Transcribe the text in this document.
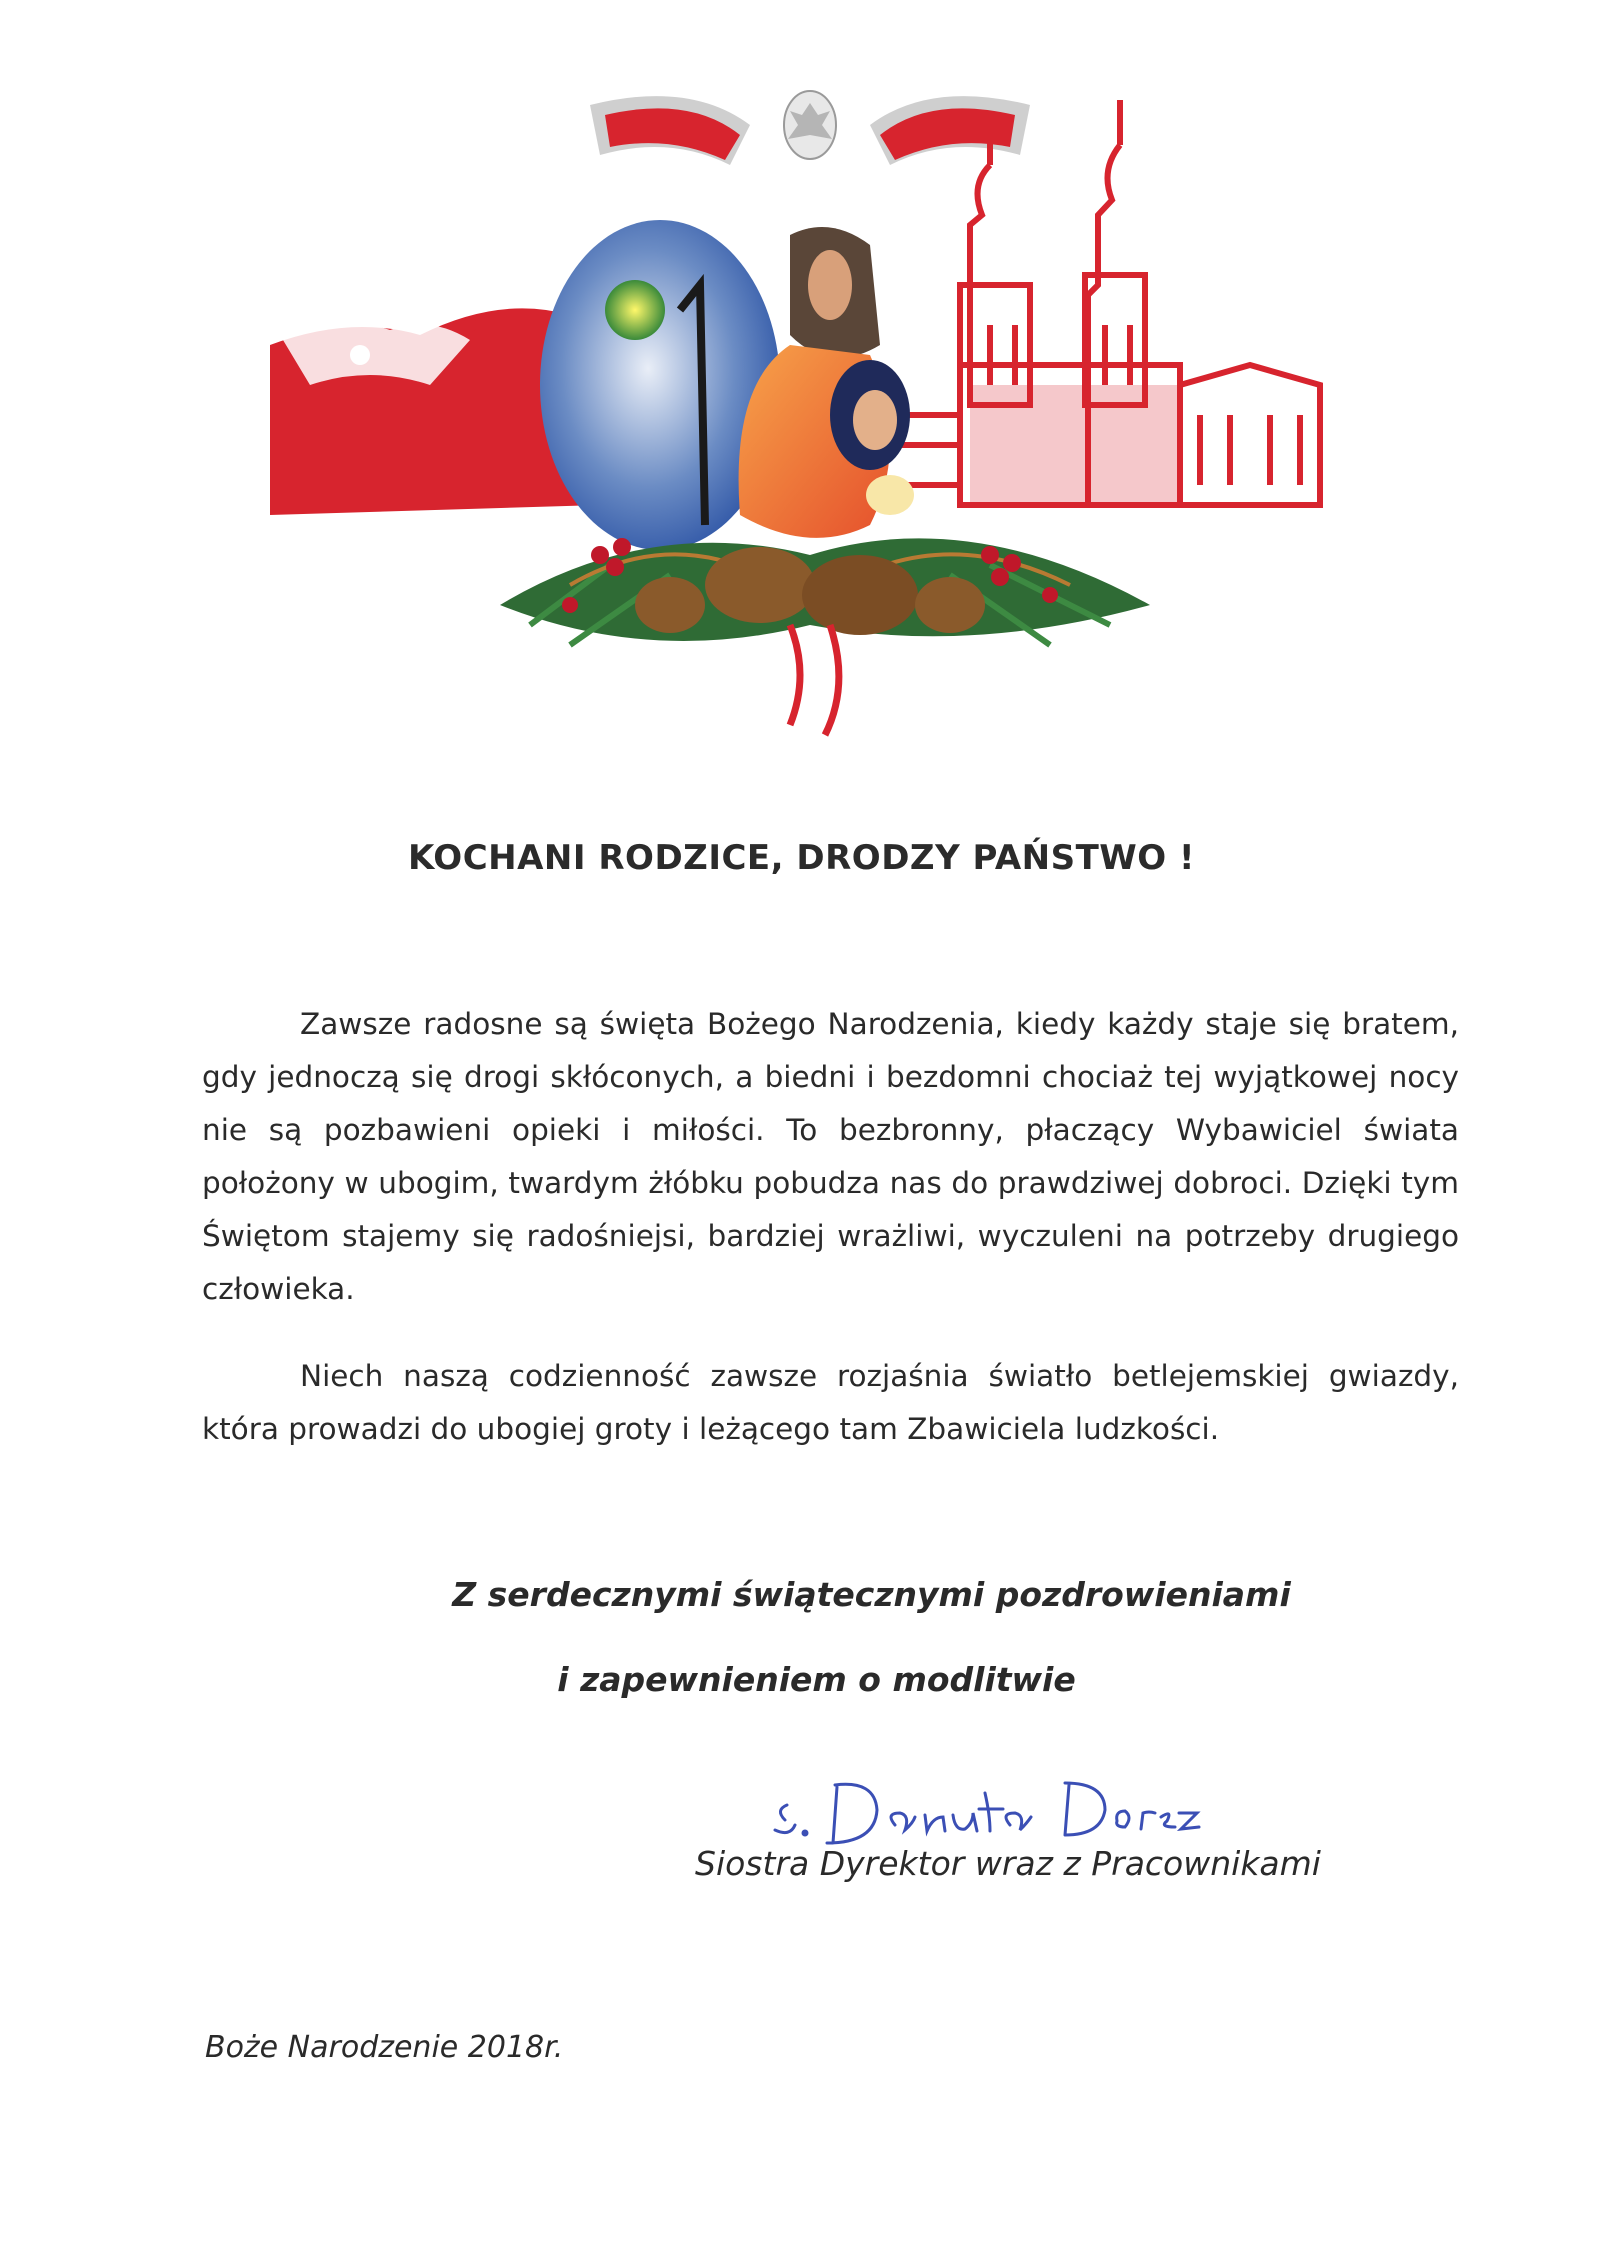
KOCHANI RODZICE, DRODZY PAŃSTWO !

Zawsze radosne są święta Bożego Narodzenia, kiedy każdy staje się bratem, gdy jednoczą się drogi skłóconych, a biedni i bezdomni chociaż tej wyjątkowej nocy nie są pozbawieni opieki i miłości. To bezbronny, płaczący Wybawiciel świata położony w ubogim, twardym żłóbku pobudza nas do prawdziwej dobroci. Dzięki tym Świętom stajemy się radośniejsi, bardziej wrażliwi, wyczuleni na potrzeby drugiego człowieka.

Niech naszą codzienność zawsze rozjaśnia światło betlejemskiej gwiazdy, która prowadzi do ubogiej groty i leżącego tam Zbawiciela ludzkości.

Z serdecznymi świątecznymi pozdrowieniami

i zapewnieniem o modlitwie

Siostra Dyrektor wraz z Pracownikami

Boże Narodzenie 2018r.
